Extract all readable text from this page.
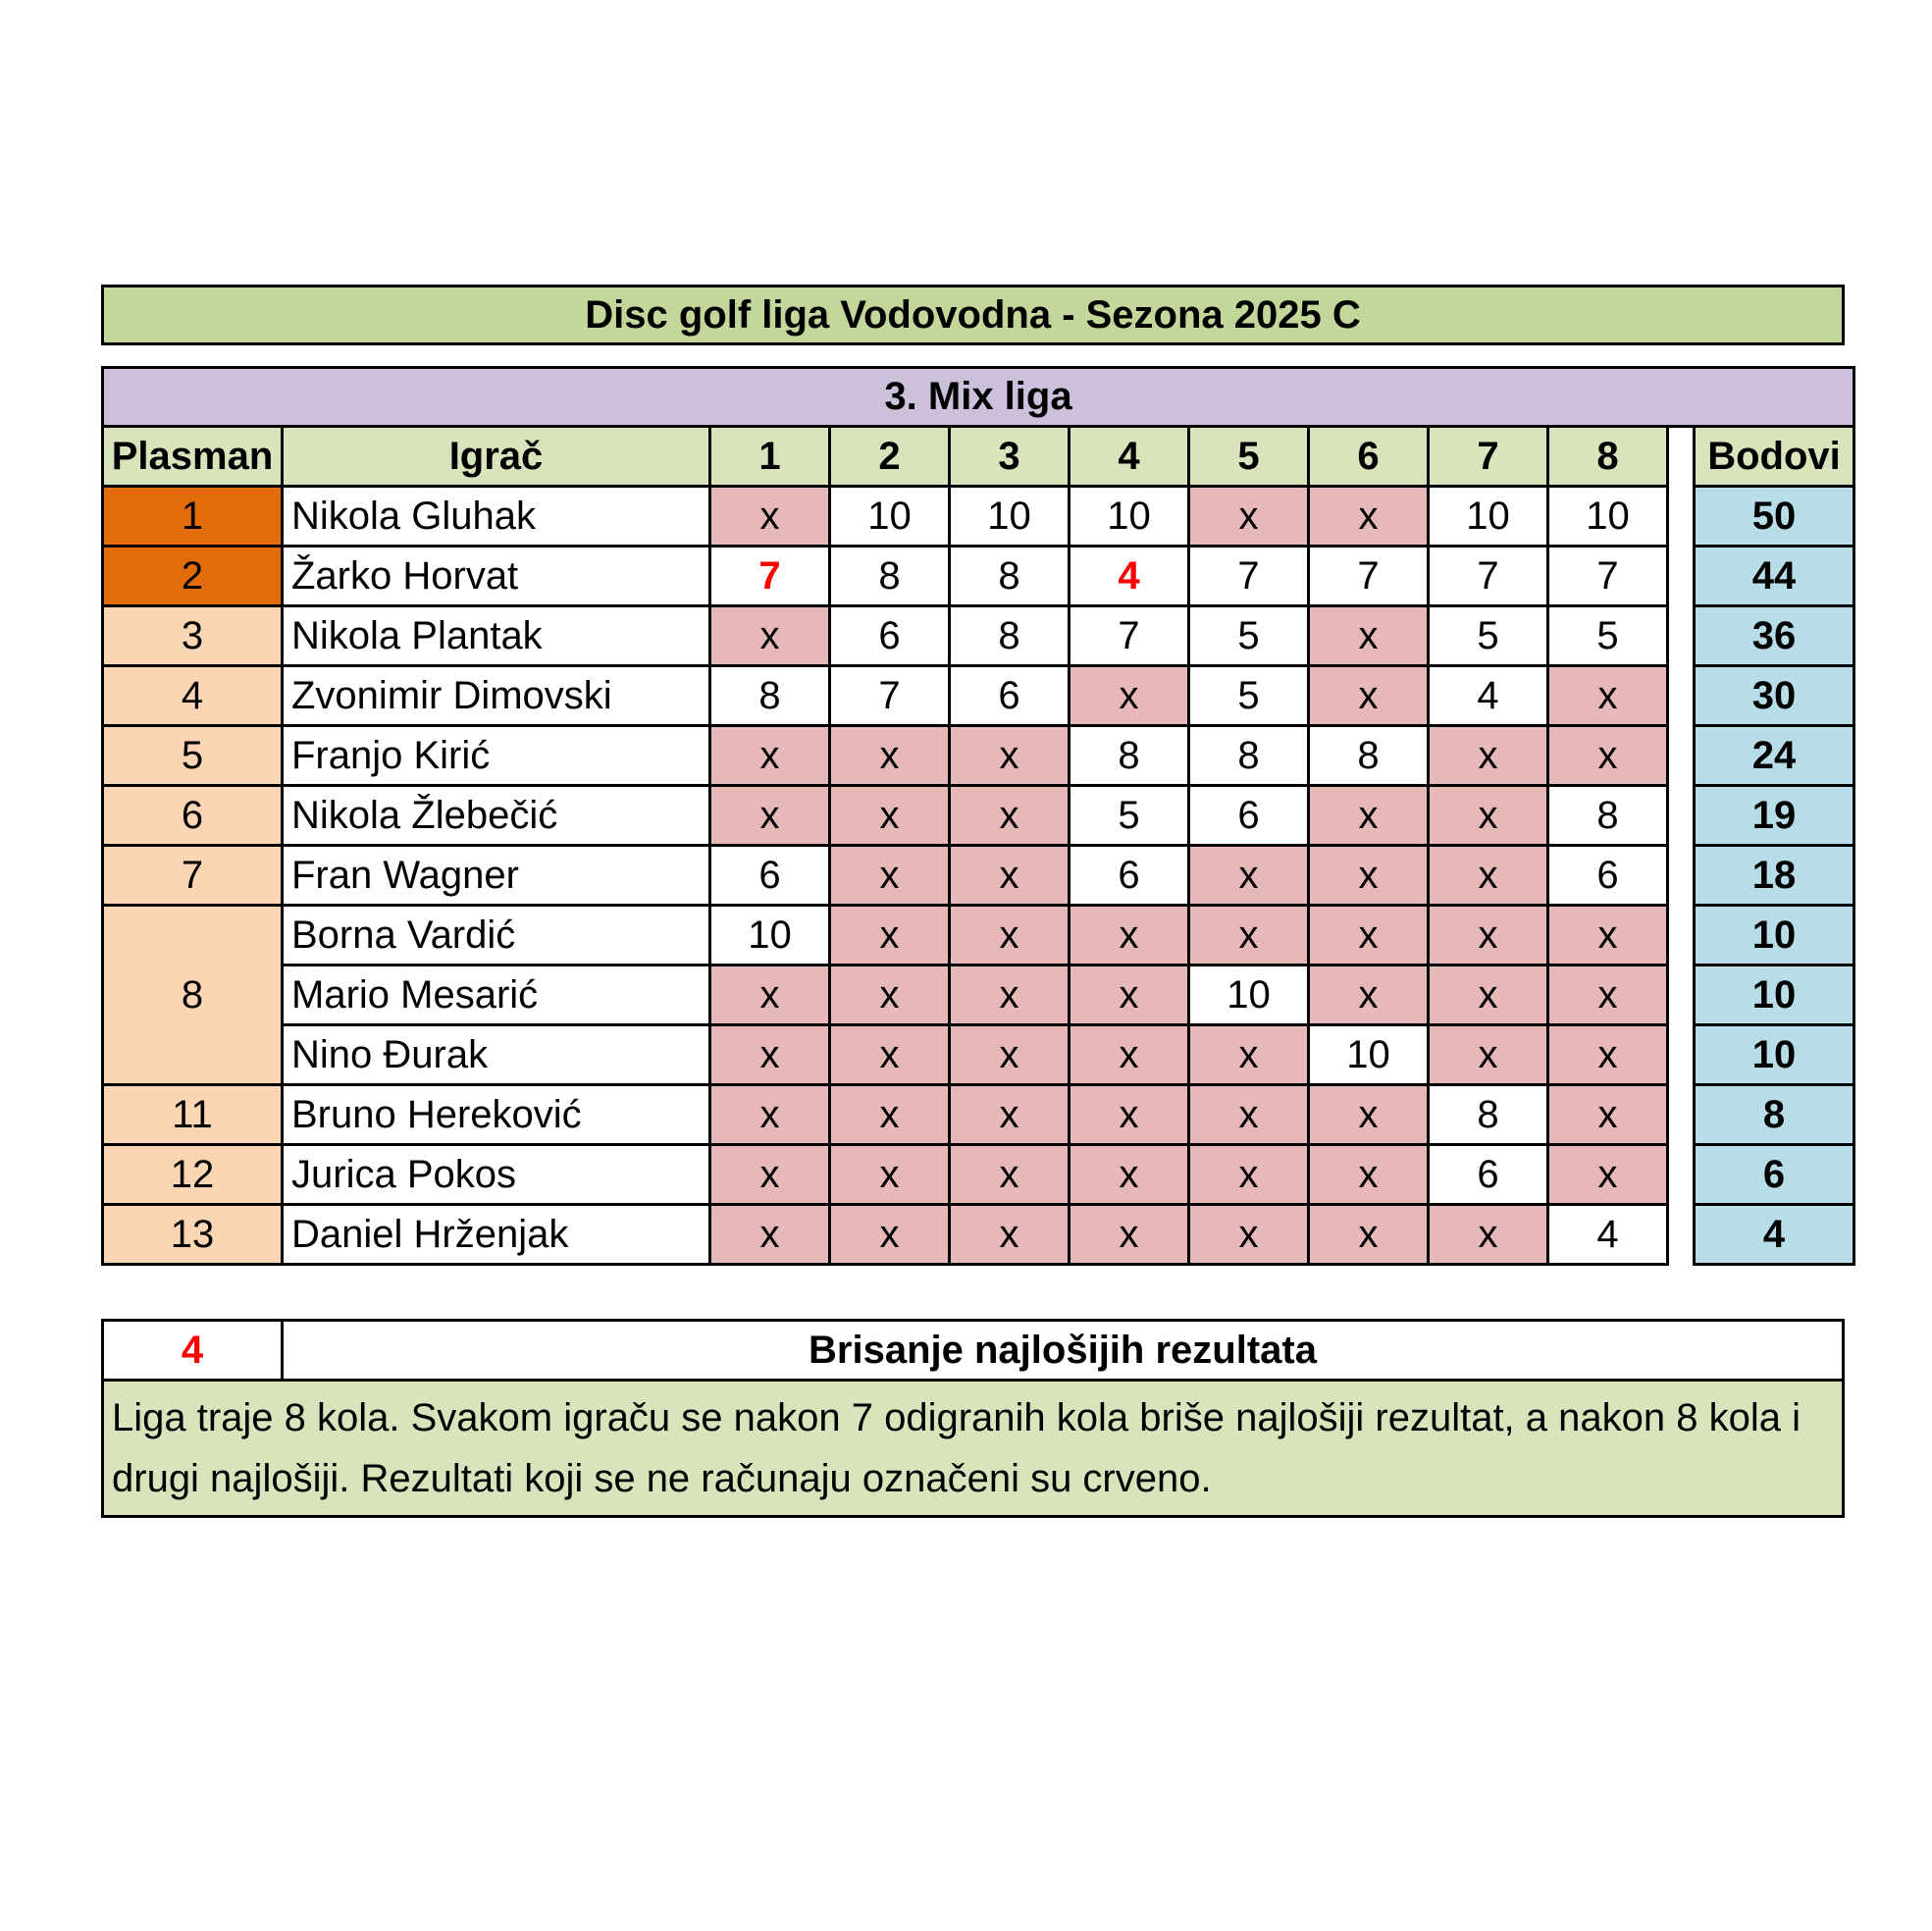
Disc golf liga Vodovodna - Sezona 2025 C
3. Mix liga											
Plasman	Igrač	1	2	3	4	5	6	7	8		Bodovi
1	Nikola Gluhak	x	10	10	10	x	x	10	10		50
2	Žarko Horvat	7	8	8	4	7	7	7	7		44
3	Nikola Plantak	x	6	8	7	5	x	5	5		36
4	Zvonimir Dimovski	8	7	6	x	5	x	4	x		30
5	Franjo Kirić	x	x	x	8	8	8	x	x		24
6	Nikola Žlebečić	x	x	x	5	6	x	x	8		19
7	Fran Wagner	6	x	x	6	x	x	x	6		18
8	Borna Vardić	10	x	x	x	x	x	x	x		10
	Mario Mesarić	x	x	x	x	10	x	x	x		10
	Nino Đurak	x	x	x	x	x	10	x	x		10
11	Bruno Hereković	x	x	x	x	x	x	8	x		8
12	Jurica Pokos	x	x	x	x	x	x	6	x		6
13	Daniel Hrženjak	x	x	x	x	x	x	x	4		4
4	Brisanje najlošijih rezultata
Liga traje 8 kola. Svakom igraču se nakon 7 odigranih kola briše najlošiji rezultat, a nakon 8 kola i drugi najlošiji. Rezultati koji se ne računaju označeni su crveno.
